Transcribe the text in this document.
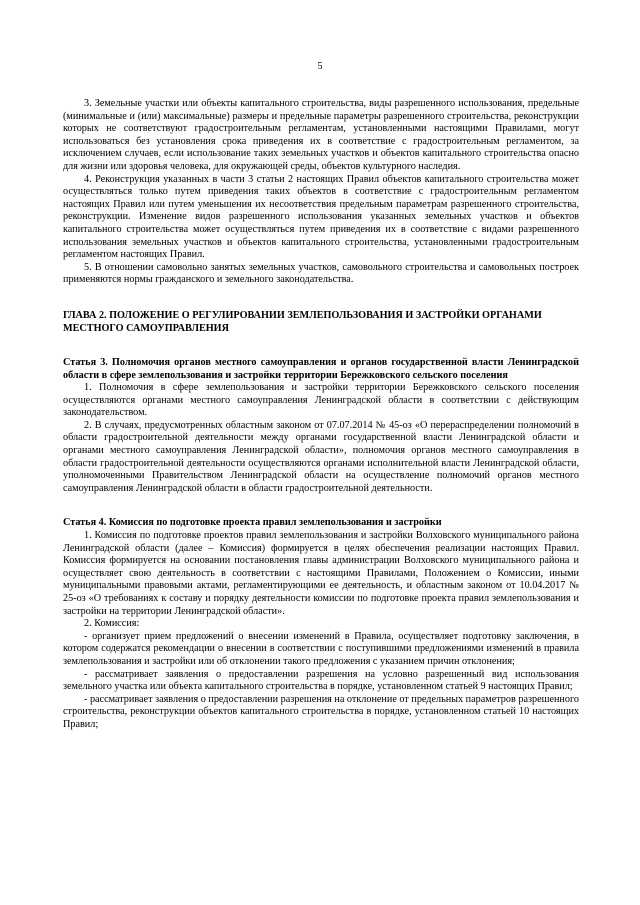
5

3. Земельные участки или объекты капитального строительства, виды разрешенного использования, предельные (минимальные и (или) максимальные) размеры и предельные параметры разрешенного строительства, реконструкции которых не соответствуют градостроительным регламентам, установленными настоящими Правилами, могут использоваться без установления срока приведения их в соответствие с градостроительным регламентом, за исключением случаев, если использование таких земельных участков и объектов капитального строительства опасно для жизни или здоровья человека, для окружающей среды, объектов культурного наследия.

4. Реконструкция указанных в части 3 статьи 2 настоящих Правил объектов капитального строительства может осуществляться только путем приведения таких объектов в соответствие с градостроительным регламентом настоящих Правил или путем уменьшения их несоответствия предельным параметрам разрешенного строительства, реконструкции. Изменение видов разрешенного использования указанных земельных участков и объектов капитального строительства может осуществляться путем приведения их в соответствие с видами разрешенного использования земельных участков и объектов капитального строительства, установленными градостроительным регламентом настоящих Правил.

5. В отношении самовольно занятых земельных участков, самовольного строительства и самовольных построек применяются нормы гражданского и земельного законодательства.

ГЛАВА 2. ПОЛОЖЕНИЕ О РЕГУЛИРОВАНИИ ЗЕМЛЕПОЛЬЗОВАНИЯ И ЗАСТРОЙКИ ОРГАНАМИ МЕСТНОГО САМОУПРАВЛЕНИЯ

Статья 3. Полномочия органов местного самоуправления и органов государственной власти Ленинградской области в сфере землепользования и застройки территории Бережковского сельского поселения

1. Полномочия в сфере землепользования и застройки территории Бережковского сельского поселения осуществляются органами местного самоуправления Ленинградской области в соответствии с действующим законодательством.

2. В случаях, предусмотренных областным законом от 07.07.2014 № 45-оз «О перераспределении полномочий в области градостроительной деятельности между органами государственной власти Ленинградской области и органами местного самоуправления Ленинградской области», полномочия органов местного самоуправления в области градостроительной деятельности осуществляются органами исполнительной власти Ленинградской области, уполномоченными Правительством Ленинградской области на осуществление полномочий органов местного самоуправления Ленинградской области в области градостроительной деятельности.

Статья 4. Комиссия по подготовке проекта правил землепользования и застройки

1. Комиссия по подготовке проектов правил землепользования и застройки Волховского муниципального района Ленинградской области (далее – Комиссия) формируется в целях обеспечения реализации настоящих Правил. Комиссия формируется на основании постановления главы администрации Волховского муниципального района и осуществляет свою деятельность в соответствии с настоящими Правилами, Положением о Комиссии, иными муниципальными правовыми актами, регламентирующими ее деятельность, и областным законом от 10.04.2017 № 25-оз «О требованиях к составу и порядку деятельности комиссии по подготовке проекта правил землепользования и застройки на территории Ленинградской области».

2. Комиссия:

- организует прием предложений о внесении изменений в Правила, осуществляет подготовку заключения, в котором содержатся рекомендации о внесении в соответствии с поступившими предложениями изменений в правила землепользования и застройки или об отклонении такого предложения с указанием причин отклонения;

- рассматривает заявления о предоставлении разрешения на условно разрешенный вид использования земельного участка или объекта капитального строительства в порядке, установленном статьей 9 настоящих Правил;

- рассматривает заявления о предоставлении разрешения на отклонение от предельных параметров разрешенного строительства, реконструкции объектов капитального строительства в порядке, установленном статьей 10 настоящих Правил;
